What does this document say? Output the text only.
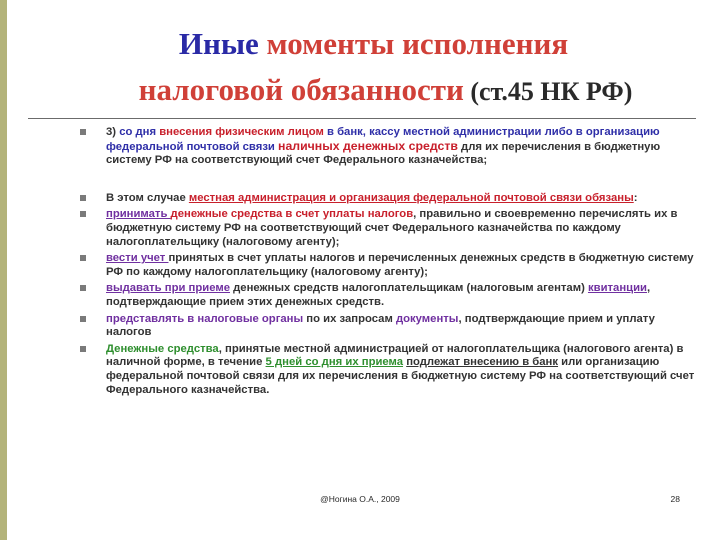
Иные моменты исполнения
налоговой обязанности (ст.45 НК РФ)
3) со дня внесения физическим лицом в банк, кассу местной администрации либо в организацию федеральной почтовой связи наличных денежных средств для их перечисления в бюджетную систему РФ на соответствующий счет Федерального казначейства;
В этом случае местная администрация и организация федеральной почтовой связи обязаны:
принимать денежные средства в счет уплаты налогов, правильно и своевременно перечислять их в бюджетную систему РФ на соответствующий счет Федерального казначейства по каждому налогоплательщику (налоговому агенту);
вести учет принятых в счет уплаты налогов и перечисленных денежных средств в бюджетную систему РФ по каждому налогоплательщику (налоговому агенту);
выдавать при приеме денежных средств налогоплательщикам (налоговым агентам) квитанции, подтверждающие прием этих денежных средств.
представлять в налоговые органы по их запросам документы, подтверждающие прием и уплату налогов
Денежные средства, принятые местной администрацией от налогоплательщика (налогового агента) в наличной форме, в течение 5 дней со дня их приема подлежат внесению в банк или организацию федеральной почтовой связи для их перечисления в бюджетную систему РФ на соответствующий счет Федерального казначейства.
@Ногина О.А., 2009	28
